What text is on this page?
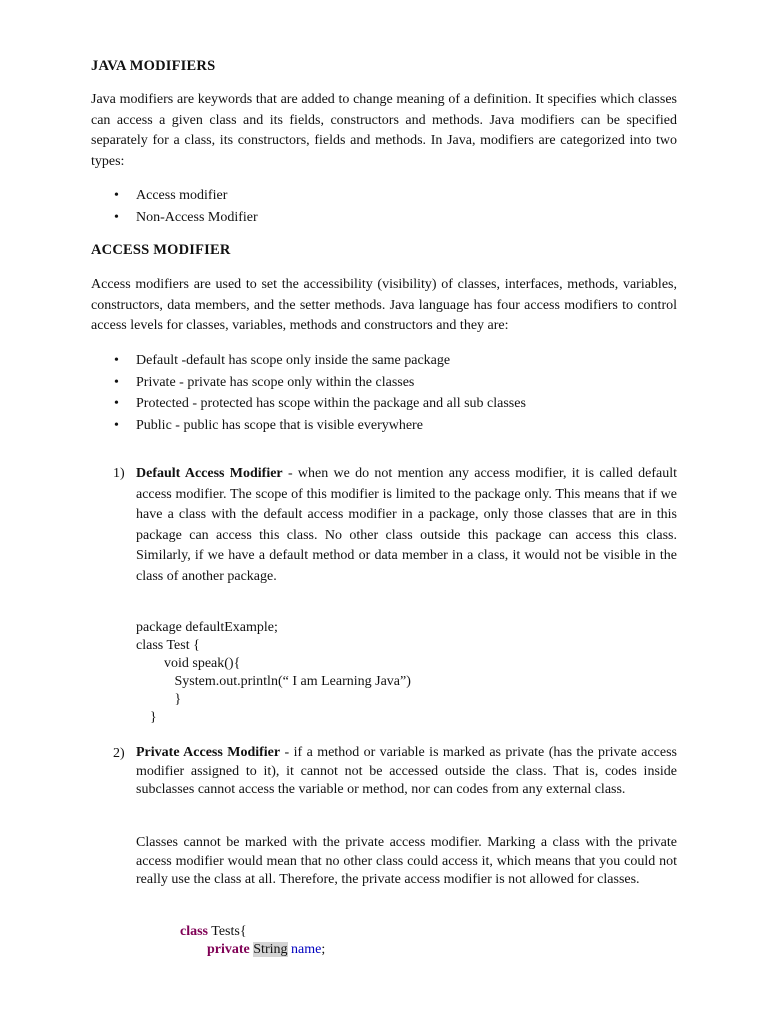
JAVA MODIFIERS

Java modifiers are keywords that are added to change meaning of a definition. It specifies which classes can access a given class and its fields, constructors and methods. Java modifiers can be specified separately for a class, its constructors, fields and methods. In Java, modifiers are categorized into two types:

• Access modifier
• Non-Access Modifier
ACCESS MODIFIER

Access modifiers are used to set the accessibility (visibility) of classes, interfaces, methods, variables, constructors, data members, and the setter methods. Java language has four access modifiers to control access levels for classes, variables, methods and constructors and they are:

• Default -default has scope only inside the same package
• Private - private has scope only within the classes
• Protected - protected has scope within the package and all sub classes
• Public - public has scope that is visible everywhere
1) Default Access Modifier - when we do not mention any access modifier, it is called default access modifier. The scope of this modifier is limited to the package only. This means that if we have a class with the default access modifier in a package, only those classes that are in this package can access this class. No other class outside this package can access this class. Similarly, if we have a default method or data member in a class, it would not be visible in the class of another package.

package defaultExample;
class Test {
void speak(){
System.out.println(“ I am Learning Java”)
}
}
2) Private Access Modifier - if a method or variable is marked as private (has the private access modifier assigned to it), it cannot not be accessed outside the class. That is, codes inside subclasses cannot access the variable or method, nor can codes from any external class.

Classes cannot be marked with the private access modifier. Marking a class with the private access modifier would mean that no other class could access it, which means that you could not really use the class at all. Therefore, the private access modifier is not allowed for classes.

class Tests{
private String name;
